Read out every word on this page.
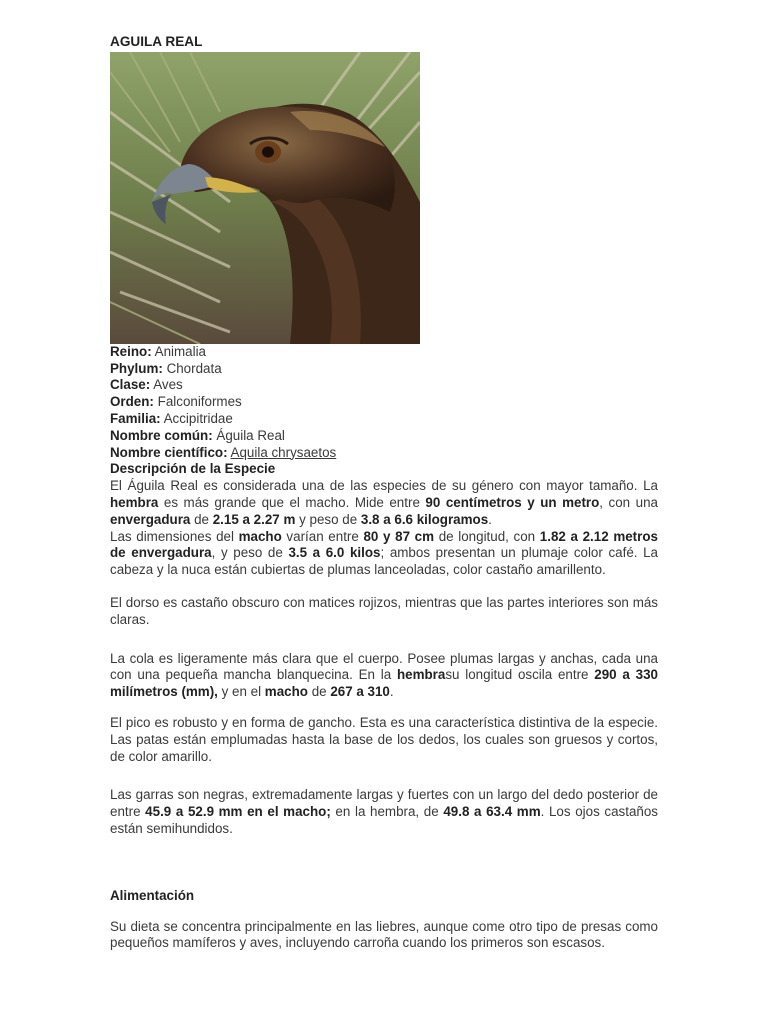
AGUILA REAL
Reino: Animalia
Phylum: Chordata
Clase: Aves
Orden: Falconiformes
Familia: Accipitridae
Nombre común: Águila Real
Nombre científico: Aquila chrysaetos
Descripción de la Especie

El Águila Real es considerada una de las especies de su género con mayor tamaño. La hembra es más grande que el macho. Mide entre 90 centímetros y un metro, con una envergadura de 2.15 a 2.27 m y peso de 3.8 a 6.6 kilogramos.

Las dimensiones del macho varían entre 80 y 87 cm de longitud, con 1.82 a 2.12 metros de envergadura, y peso de 3.5 a 6.0 kilos; ambos presentan un plumaje color café. La cabeza y la nuca están cubiertas de plumas lanceoladas, color castaño amarillento.

El dorso es castaño obscuro con matices rojizos, mientras que las partes interiores son más claras.

La cola es ligeramente más clara que el cuerpo. Posee plumas largas y anchas, cada una con una pequeña mancha blanquecina. En la hembrasu longitud oscila entre 290 a 330 milímetros (mm), y en el macho de 267 a 310.

El pico es robusto y en forma de gancho. Esta es una característica distintiva de la especie. Las patas están emplumadas hasta la base de los dedos, los cuales son gruesos y cortos, de color amarillo.

Las garras son negras, extremadamente largas y fuertes con un largo del dedo posterior de entre 45.9 a 52.9 mm en el macho; en la hembra, de 49.8 a 63.4 mm. Los ojos castaños están semihundidos.

Alimentación

Su dieta se concentra principalmente en las liebres, aunque come otro tipo de presas como pequeños mamíferos y aves, incluyendo carroña cuando los primeros son escasos.
